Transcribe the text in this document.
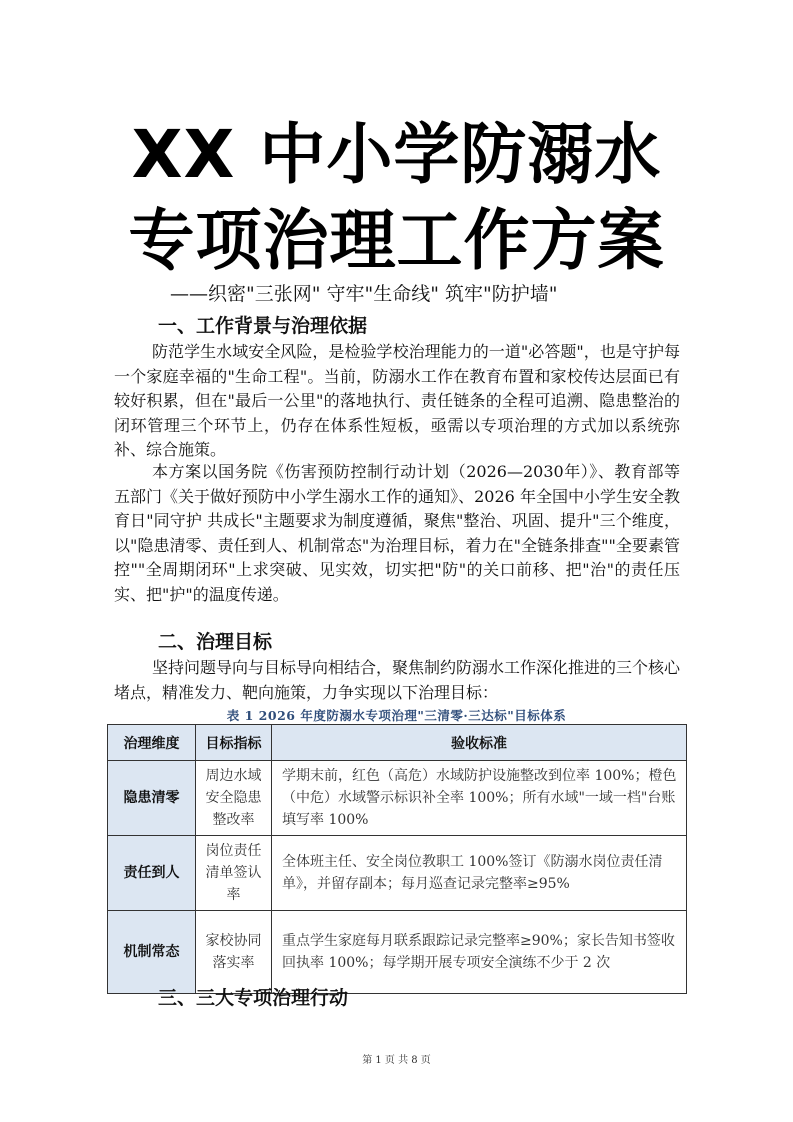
XX 中小学防溺水
专项治理工作方案
——织密"三张网" 守牢"生命线" 筑牢"防护墙"
一、工作背景与治理依据

防范学生水域安全风险，是检验学校治理能力的一道"必答题"，也是守护每一个家庭幸福的"生命工程"。当前，防溺水工作在教育布置和家校传达层面已有较好积累，但在"最后一公里"的落地执行、责任链条的全程可追溯、隐患整治的闭环管理三个环节上，仍存在体系性短板，亟需以专项治理的方式加以系统弥补、综合施策。

本方案以国务院《伤害预防控制行动计划（2026—2030年）》、教育部等五部门《关于做好预防中小学生溺水工作的通知》、2026 年全国中小学生安全教育日"同守护 共成长"主题要求为制度遵循，聚焦"整治、巩固、提升"三个维度，以"隐患清零、责任到人、机制常态"为治理目标，着力在"全链条排查""全要素管控""全周期闭环"上求突破、见实效，切实把"防"的关口前移、把"治"的责任压实、把"护"的温度传递。

二、治理目标

坚持问题导向与目标导向相结合，聚焦制约防溺水工作深化推进的三个核心堵点，精准发力、靶向施策，力争实现以下治理目标：

表 1 2026 年度防溺水专项治理"三清零·三达标"目标体系
治理维度	目标指标	验收标准
隐患清零	周边水域安全隐患整改率	学期末前，红色（高危）水域防护设施整改到位率 100%；橙色（中危）水域警示标识补全率 100%；所有水域"一域一档"台账填写率 100%
责任到人	岗位责任清单签认率	全体班主任、安全岗位教职工 100%签订《防溺水岗位责任清单》，并留存副本；每月巡查记录完整率≥95%
机制常态	家校协同落实率	重点学生家庭每月联系跟踪记录完整率≥90%；家长告知书签收回执率 100%；每学期开展专项安全演练不少于 2 次
三、三大专项治理行动
第 1 页 共 8 页
